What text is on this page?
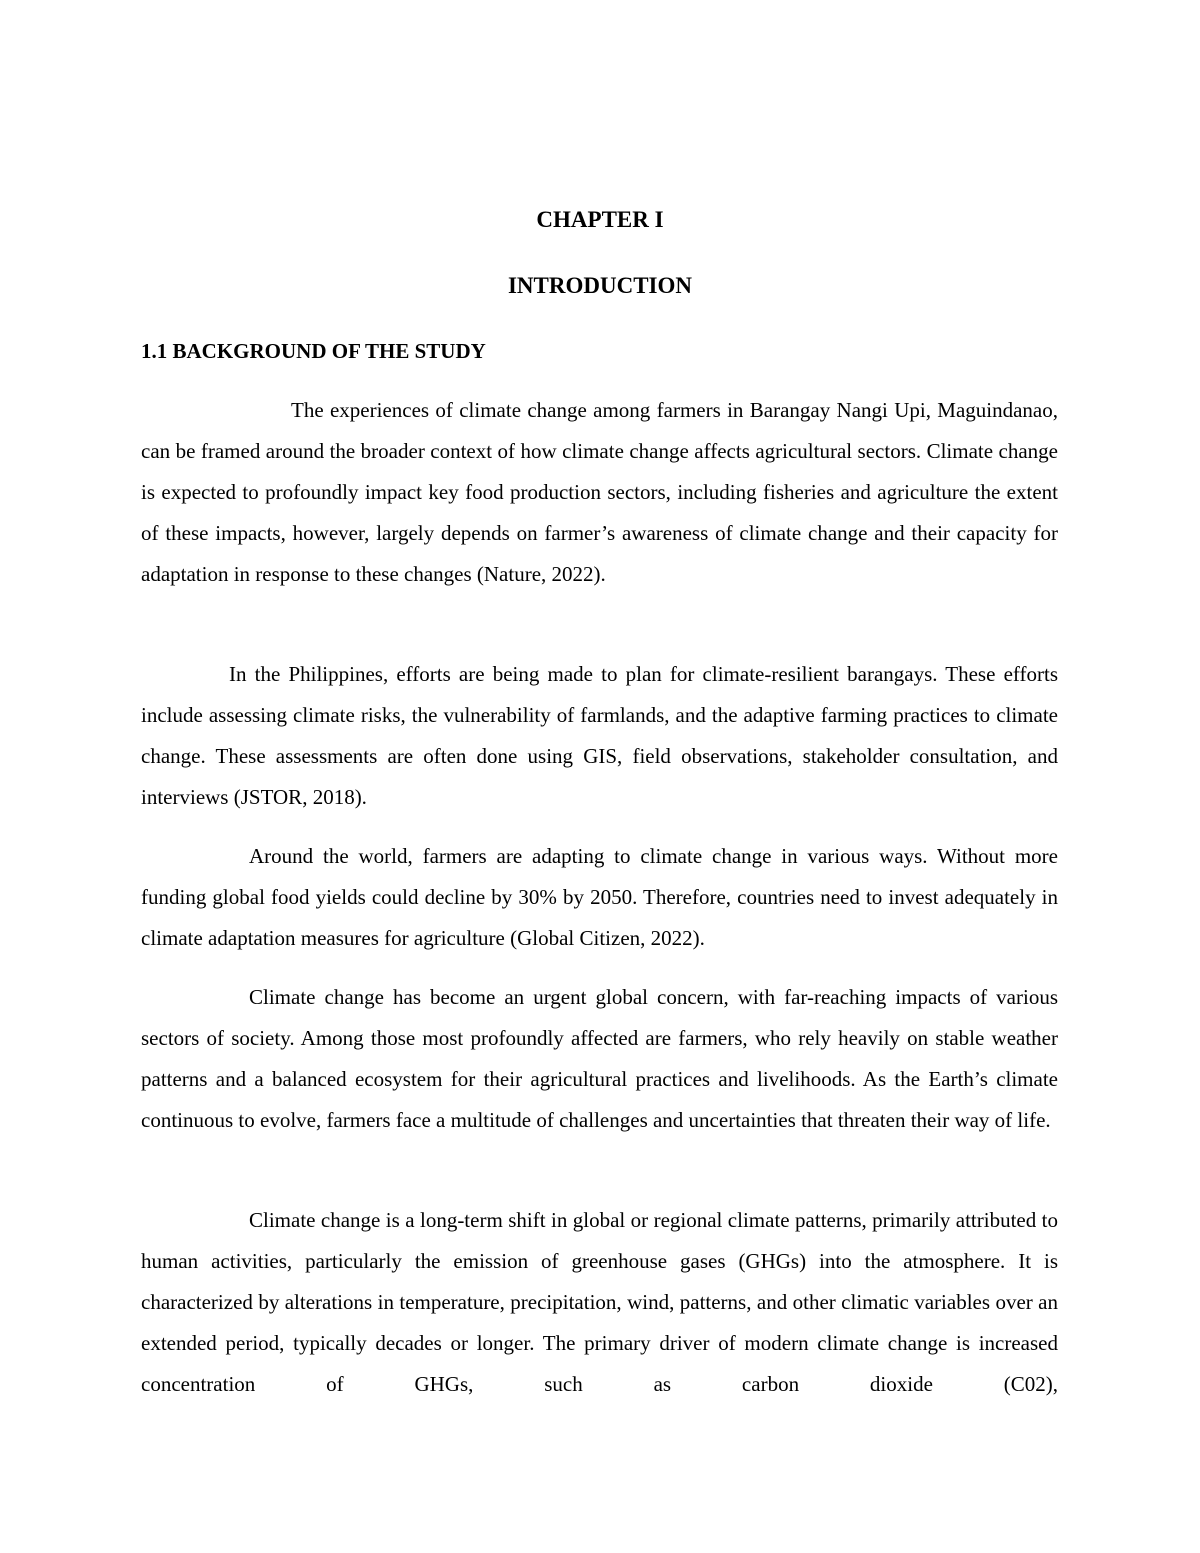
CHAPTER I
INTRODUCTION
1.1 BACKGROUND OF THE STUDY

The experiences of climate change among farmers in Barangay Nangi Upi, Maguindanao, can be framed around the broader context of how climate change affects agricultural sectors. Climate change is expected to profoundly impact key food production sectors, including fisheries and agriculture the extent of these impacts, however, largely depends on farmer’s awareness of climate change and their capacity for adaptation in response to these changes (Nature, 2022).

In the Philippines, efforts are being made to plan for climate-resilient barangays. These efforts include assessing climate risks, the vulnerability of farmlands, and the adaptive farming practices to climate change. These assessments are often done using GIS, field observations, stakeholder consultation, and interviews (JSTOR, 2018).

Around the world, farmers are adapting to climate change in various ways. Without more funding global food yields could decline by 30% by 2050. Therefore, countries need to invest adequately in climate adaptation measures for agriculture (Global Citizen, 2022).

Climate change has become an urgent global concern, with far-reaching impacts of various sectors of society. Among those most profoundly affected are farmers, who rely heavily on stable weather patterns and a balanced ecosystem for their agricultural practices and livelihoods. As the Earth’s climate continuous to evolve, farmers face a multitude of challenges and uncertainties that threaten their way of life.

Climate change is a long-term shift in global or regional climate patterns, primarily attributed to human activities, particularly the emission of greenhouse gases (GHGs) into the atmosphere. It is characterized by alterations in temperature, precipitation, wind, patterns, and other climatic variables over an extended period, typically decades or longer. The primary driver of modern climate change is increased concentration of GHGs, such as carbon dioxide (C02),
